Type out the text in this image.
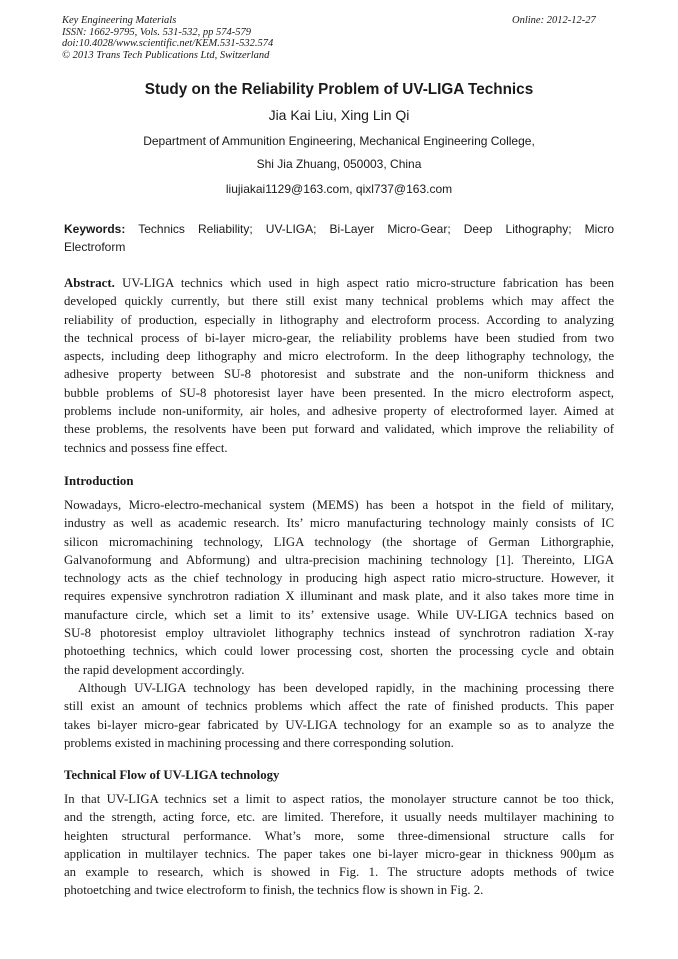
Key Engineering Materials
ISSN: 1662-9795, Vols. 531-532, pp 574-579
doi:10.4028/www.scientific.net/KEM.531-532.574
© 2013 Trans Tech Publications Ltd, Switzerland
Online: 2012-12-27
Study on the Reliability Problem of UV-LIGA Technics
Jia Kai Liu, Xing Lin Qi
Department of Ammunition Engineering, Mechanical Engineering College,
Shi Jia Zhuang, 050003, China
liujiakai1129@163.com, qixl737@163.com
Keywords: Technics Reliability; UV-LIGA; Bi-Layer Micro-Gear; Deep Lithography; Micro
Electroform
Abstract. UV-LIGA technics which used in high aspect ratio micro-structure fabrication has been
developed quickly currently, but there still exist many technical problems which may affect the
reliability of production, especially in lithography and electroform process. According to analyzing
the technical process of bi-layer micro-gear, the reliability problems have been studied from two
aspects, including deep lithography and micro electroform. In the deep lithography technology, the
adhesive property between SU-8 photoresist and substrate and the non-uniform thickness and
bubble problems of SU-8 photoresist layer have been presented. In the micro electroform aspect,
problems include non-uniformity, air holes, and adhesive property of electroformed layer. Aimed at
these problems, the resolvents have been put forward and validated, which improve the reliability of
technics and possess fine effect.
Introduction
Nowadays, Micro-electro-mechanical system (MEMS) has been a hotspot in the field of military,
industry as well as academic research. Its’ micro manufacturing technology mainly consists of IC
silicon micromachining technology, LIGA technology (the shortage of German Lithorgraphie,
Galvanoformung and Abformung) and ultra-precision machining technology [1]. Thereinto, LIGA
technology acts as the chief technology in producing high aspect ratio micro-structure. However, it
requires expensive synchrotron radiation X illuminant and mask plate, and it also takes more time in
manufacture circle, which set a limit to its’ extensive usage. While UV-LIGA technics based on
SU-8 photoresist employ ultraviolet lithography technics instead of synchrotron radiation X-ray
photoething technics, which could lower processing cost, shorten the processing cycle and obtain
the rapid development accordingly.
Although UV-LIGA technology has been developed rapidly, in the machining processing there
still exist an amount of technics problems which affect the rate of finished products. This paper
takes bi-layer micro-gear fabricated by UV-LIGA technology for an example so as to analyze the
problems existed in machining processing and there corresponding solution.
Technical Flow of UV-LIGA technology
In that UV-LIGA technics set a limit to aspect ratios, the monolayer structure cannot be too thick,
and the strength, acting force, etc. are limited. Therefore, it usually needs multilayer machining to
heighten structural performance. What’s more, some three-dimensional structure calls for
application in multilayer technics. The paper takes one bi-layer micro-gear in thickness 900μm as
an example to research, which is showed in Fig. 1. The structure adopts methods of twice
photoetching and twice electroform to finish, the technics flow is shown in Fig. 2.
